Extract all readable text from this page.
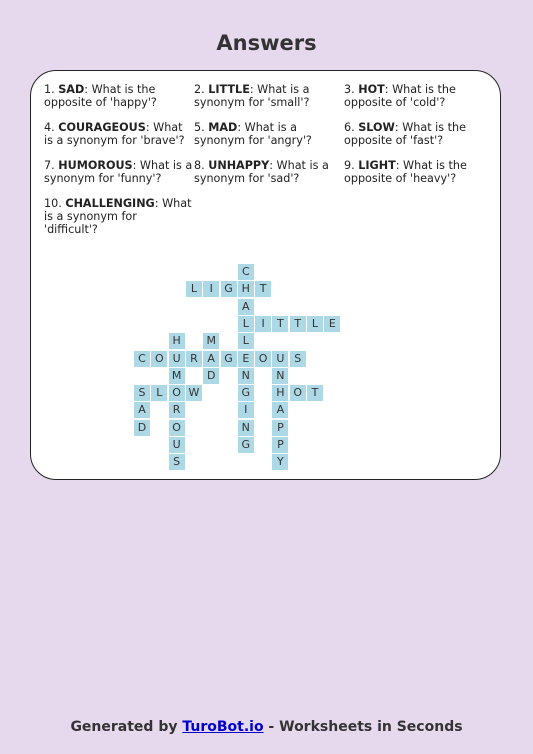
Answers
1. SAD: What is the opposite of 'happy'?
2. LITTLE: What is a synonym for 'small'?
3. HOT: What is the opposite of 'cold'?
4. COURAGEOUS: What is a synonym for 'brave'?
5. MAD: What is a synonym for 'angry'?
6. SLOW: What is the opposite of 'fast'?
7. HUMOROUS: What is a synonym for 'funny'?
8. UNHAPPY: What is a synonym for 'sad'?
9. LIGHT: What is the opposite of 'heavy'?
10. CHALLENGING: What is a synonym for 'difficult'?
C
H
A
L
L
E
N
G
I
N
G
L	I	G	T
I	T T L E
H
U
M
O
R
O
U
S
M
A
D
C O	R	G	O U S
N
H
A
P
P
Y
S L	W	O T
A
D
Generated by TuroBot.io - Worksheets in Seconds
